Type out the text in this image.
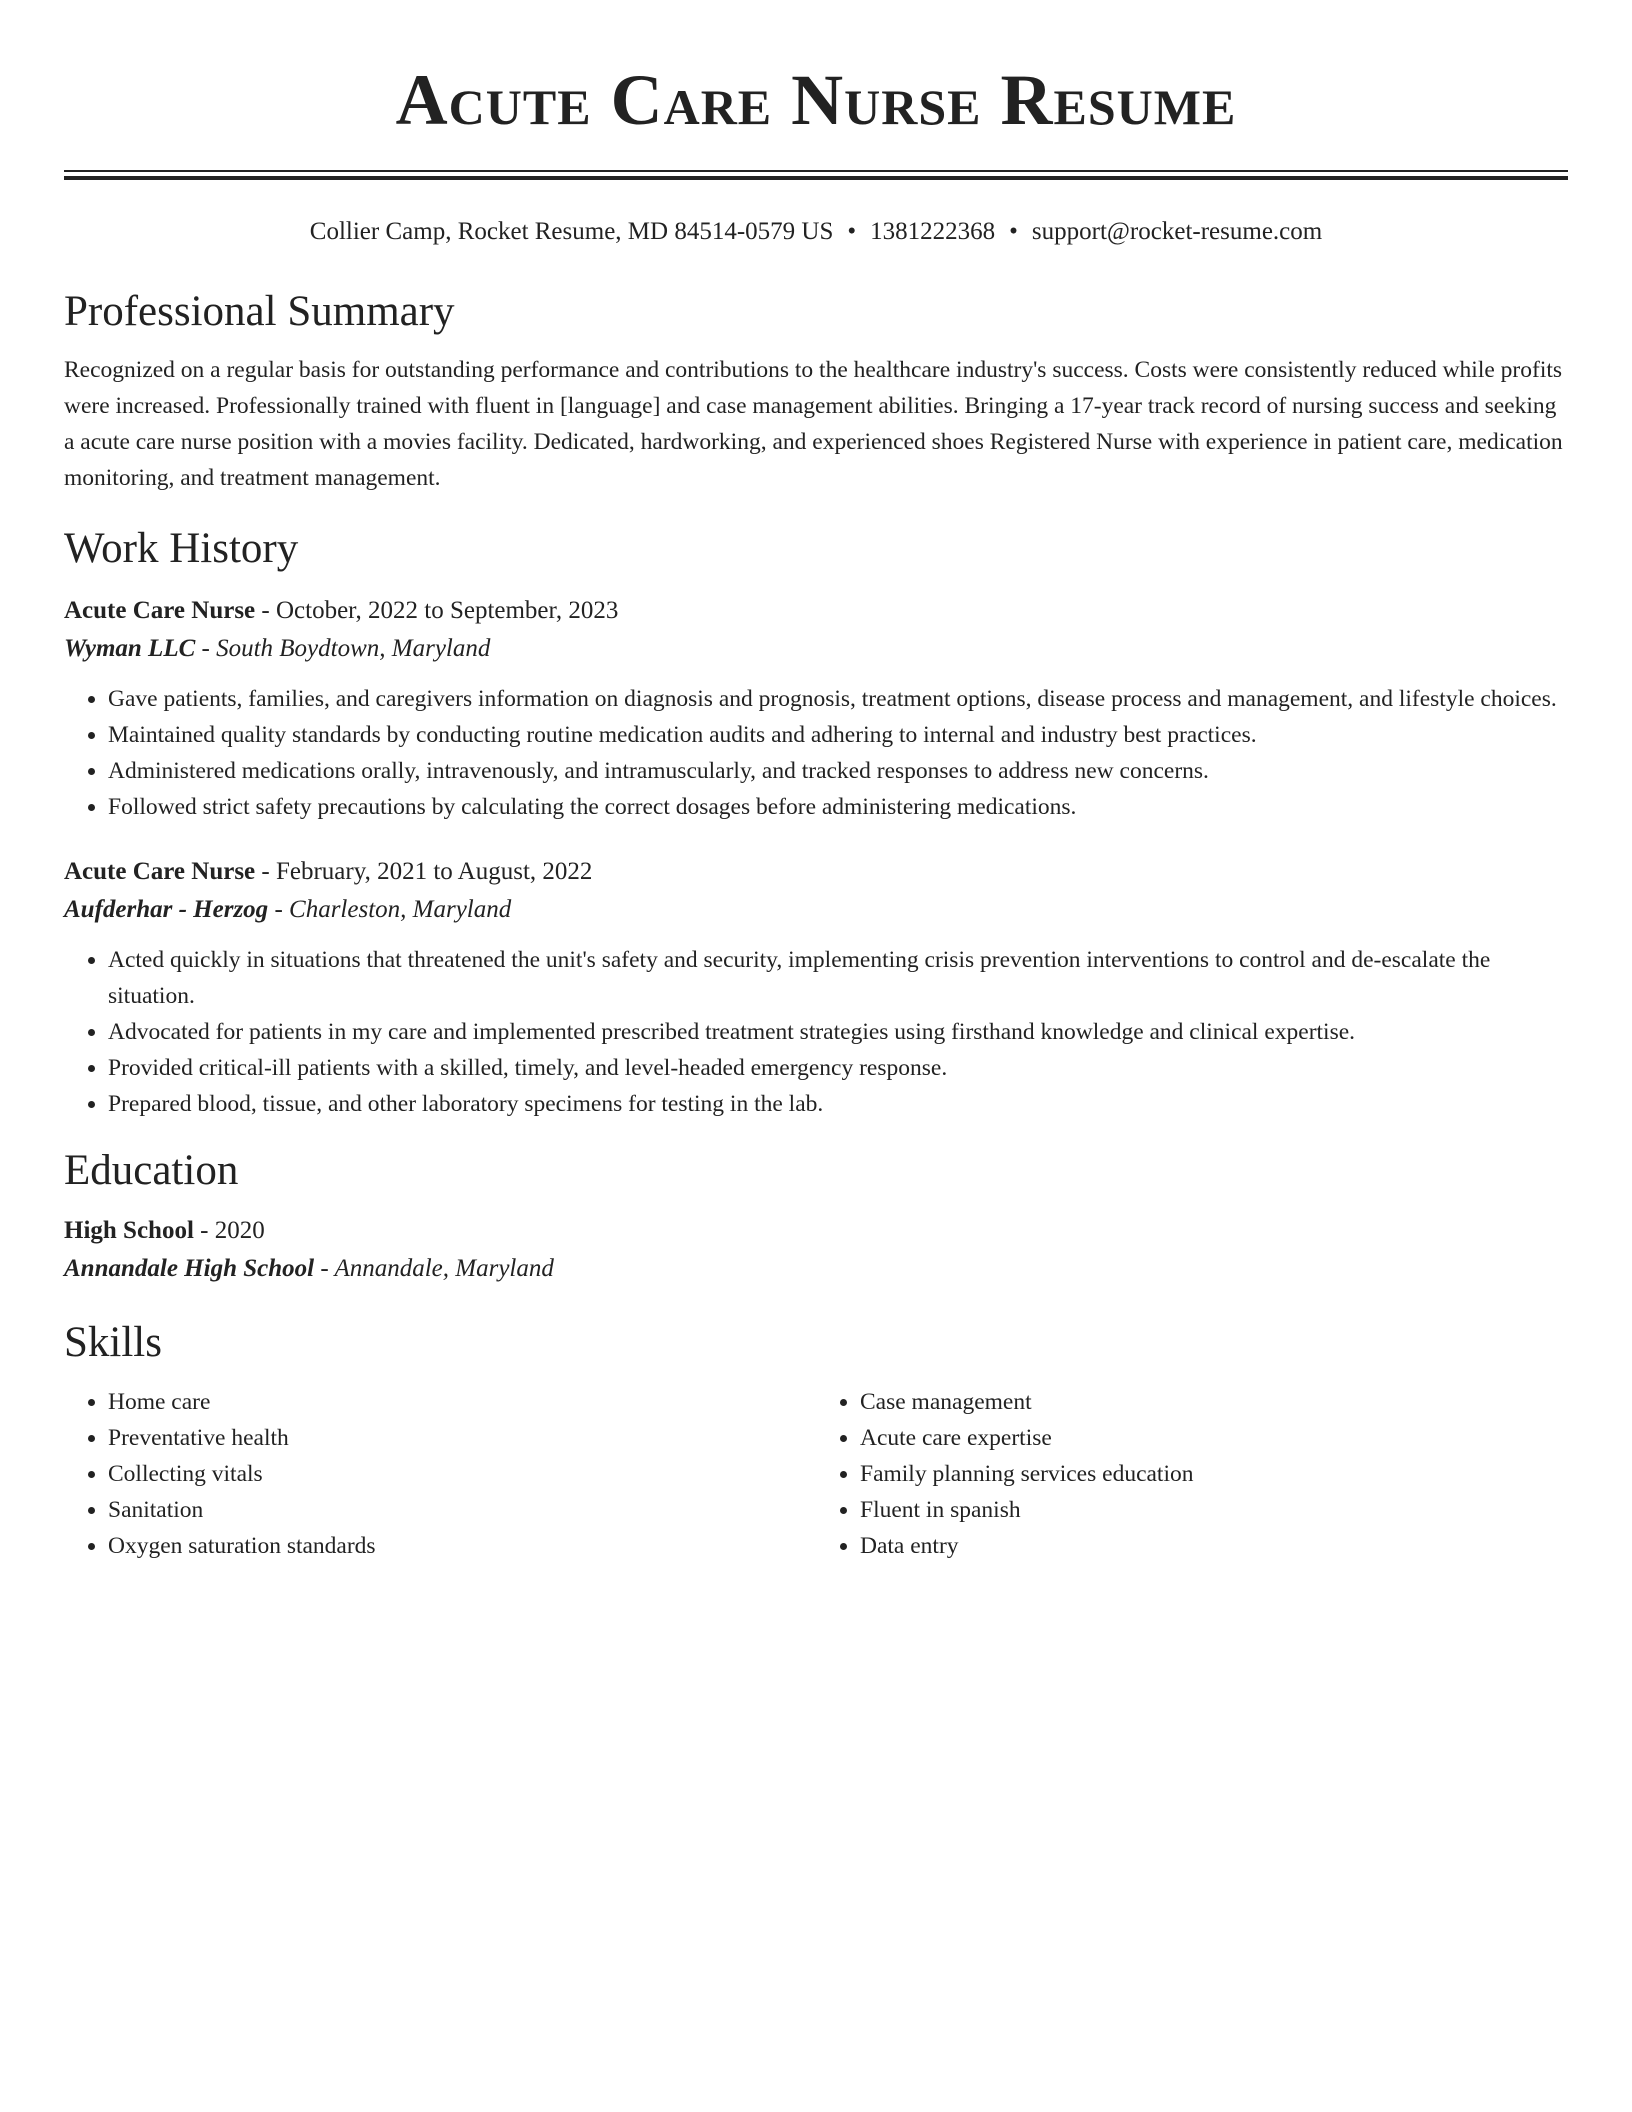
Acute Care Nurse Resume
Collier Camp, Rocket Resume, MD 84514-0579 US • 1381222368 • support@rocket-resume.com
Professional Summary

Recognized on a regular basis for outstanding performance and contributions to the healthcare industry's success. Costs were consistently reduced while profits were increased. Professionally trained with fluent in [language] and case management abilities. Bringing a 17-year track record of nursing success and seeking a acute care nurse position with a movies facility. Dedicated, hardworking, and experienced shoes Registered Nurse with experience in patient care, medication monitoring, and treatment management.

Work History
Acute Care Nurse - October, 2022 to September, 2023
Wyman LLC - South Boydtown, Maryland
• Gave patients, families, and caregivers information on diagnosis and prognosis, treatment options, disease process and management, and lifestyle choices.
• Maintained quality standards by conducting routine medication audits and adhering to internal and industry best practices.
• Administered medications orally, intravenously, and intramuscularly, and tracked responses to address new concerns.
• Followed strict safety precautions by calculating the correct dosages before administering medications.
Acute Care Nurse - February, 2021 to August, 2022
Aufderhar - Herzog - Charleston, Maryland
• Acted quickly in situations that threatened the unit's safety and security, implementing crisis prevention interventions to control and de-escalate the situation.
• Advocated for patients in my care and implemented prescribed treatment strategies using firsthand knowledge and clinical expertise.
• Provided critical-ill patients with a skilled, timely, and level-headed emergency response.
• Prepared blood, tissue, and other laboratory specimens for testing in the lab.
Education
High School - 2020
Annandale High School - Annandale, Maryland
Skills
• Home care
• Preventative health
• Collecting vitals
• Sanitation
• Oxygen saturation standards
• Case management
• Acute care expertise
• Family planning services education
• Fluent in spanish
• Data entry
